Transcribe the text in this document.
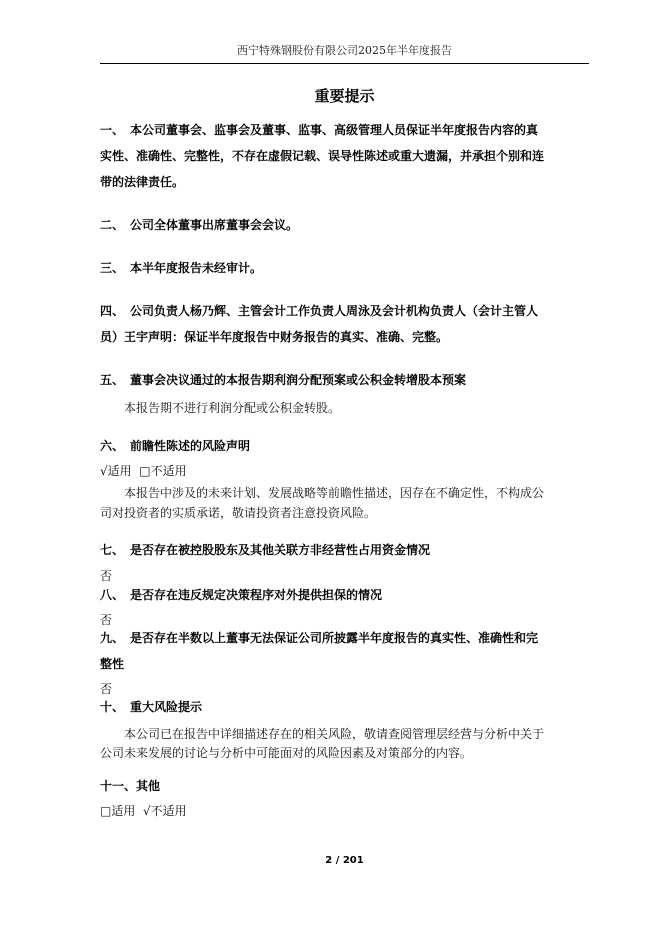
西宁特殊钢股份有限公司2025年半年度报告
重要提示
一、 本公司董事会、监事会及董事、监事、高级管理人员保证半年度报告内容的真
实性、准确性、完整性，不存在虚假记载、误导性陈述或重大遗漏，并承担个别和连
带的法律责任。
二、 公司全体董事出席董事会会议。
三、 本半年度报告未经审计。
四、 公司负责人杨乃辉、主管会计工作负责人周泳及会计机构负责人（会计主管人
员）王宇声明：保证半年度报告中财务报告的真实、准确、完整。
五、 董事会决议通过的本报告期利润分配预案或公积金转增股本预案
本报告期不进行利润分配或公积金转股。
六、 前瞻性陈述的风险声明
√适用 □不适用
本报告中涉及的未来计划、发展战略等前瞻性描述，因存在不确定性，不构成公
司对投资者的实质承诺，敬请投资者注意投资风险。
七、 是否存在被控股股东及其他关联方非经营性占用资金情况
否
八、 是否存在违反规定决策程序对外提供担保的情况
否
九、 是否存在半数以上董事无法保证公司所披露半年度报告的真实性、准确性和完
整性
否
十、 重大风险提示
本公司已在报告中详细描述存在的相关风险，敬请查阅管理层经营与分析中关于
公司未来发展的讨论与分析中可能面对的风险因素及对策部分的内容。
十一、其他
□适用 √不适用
2 / 201
